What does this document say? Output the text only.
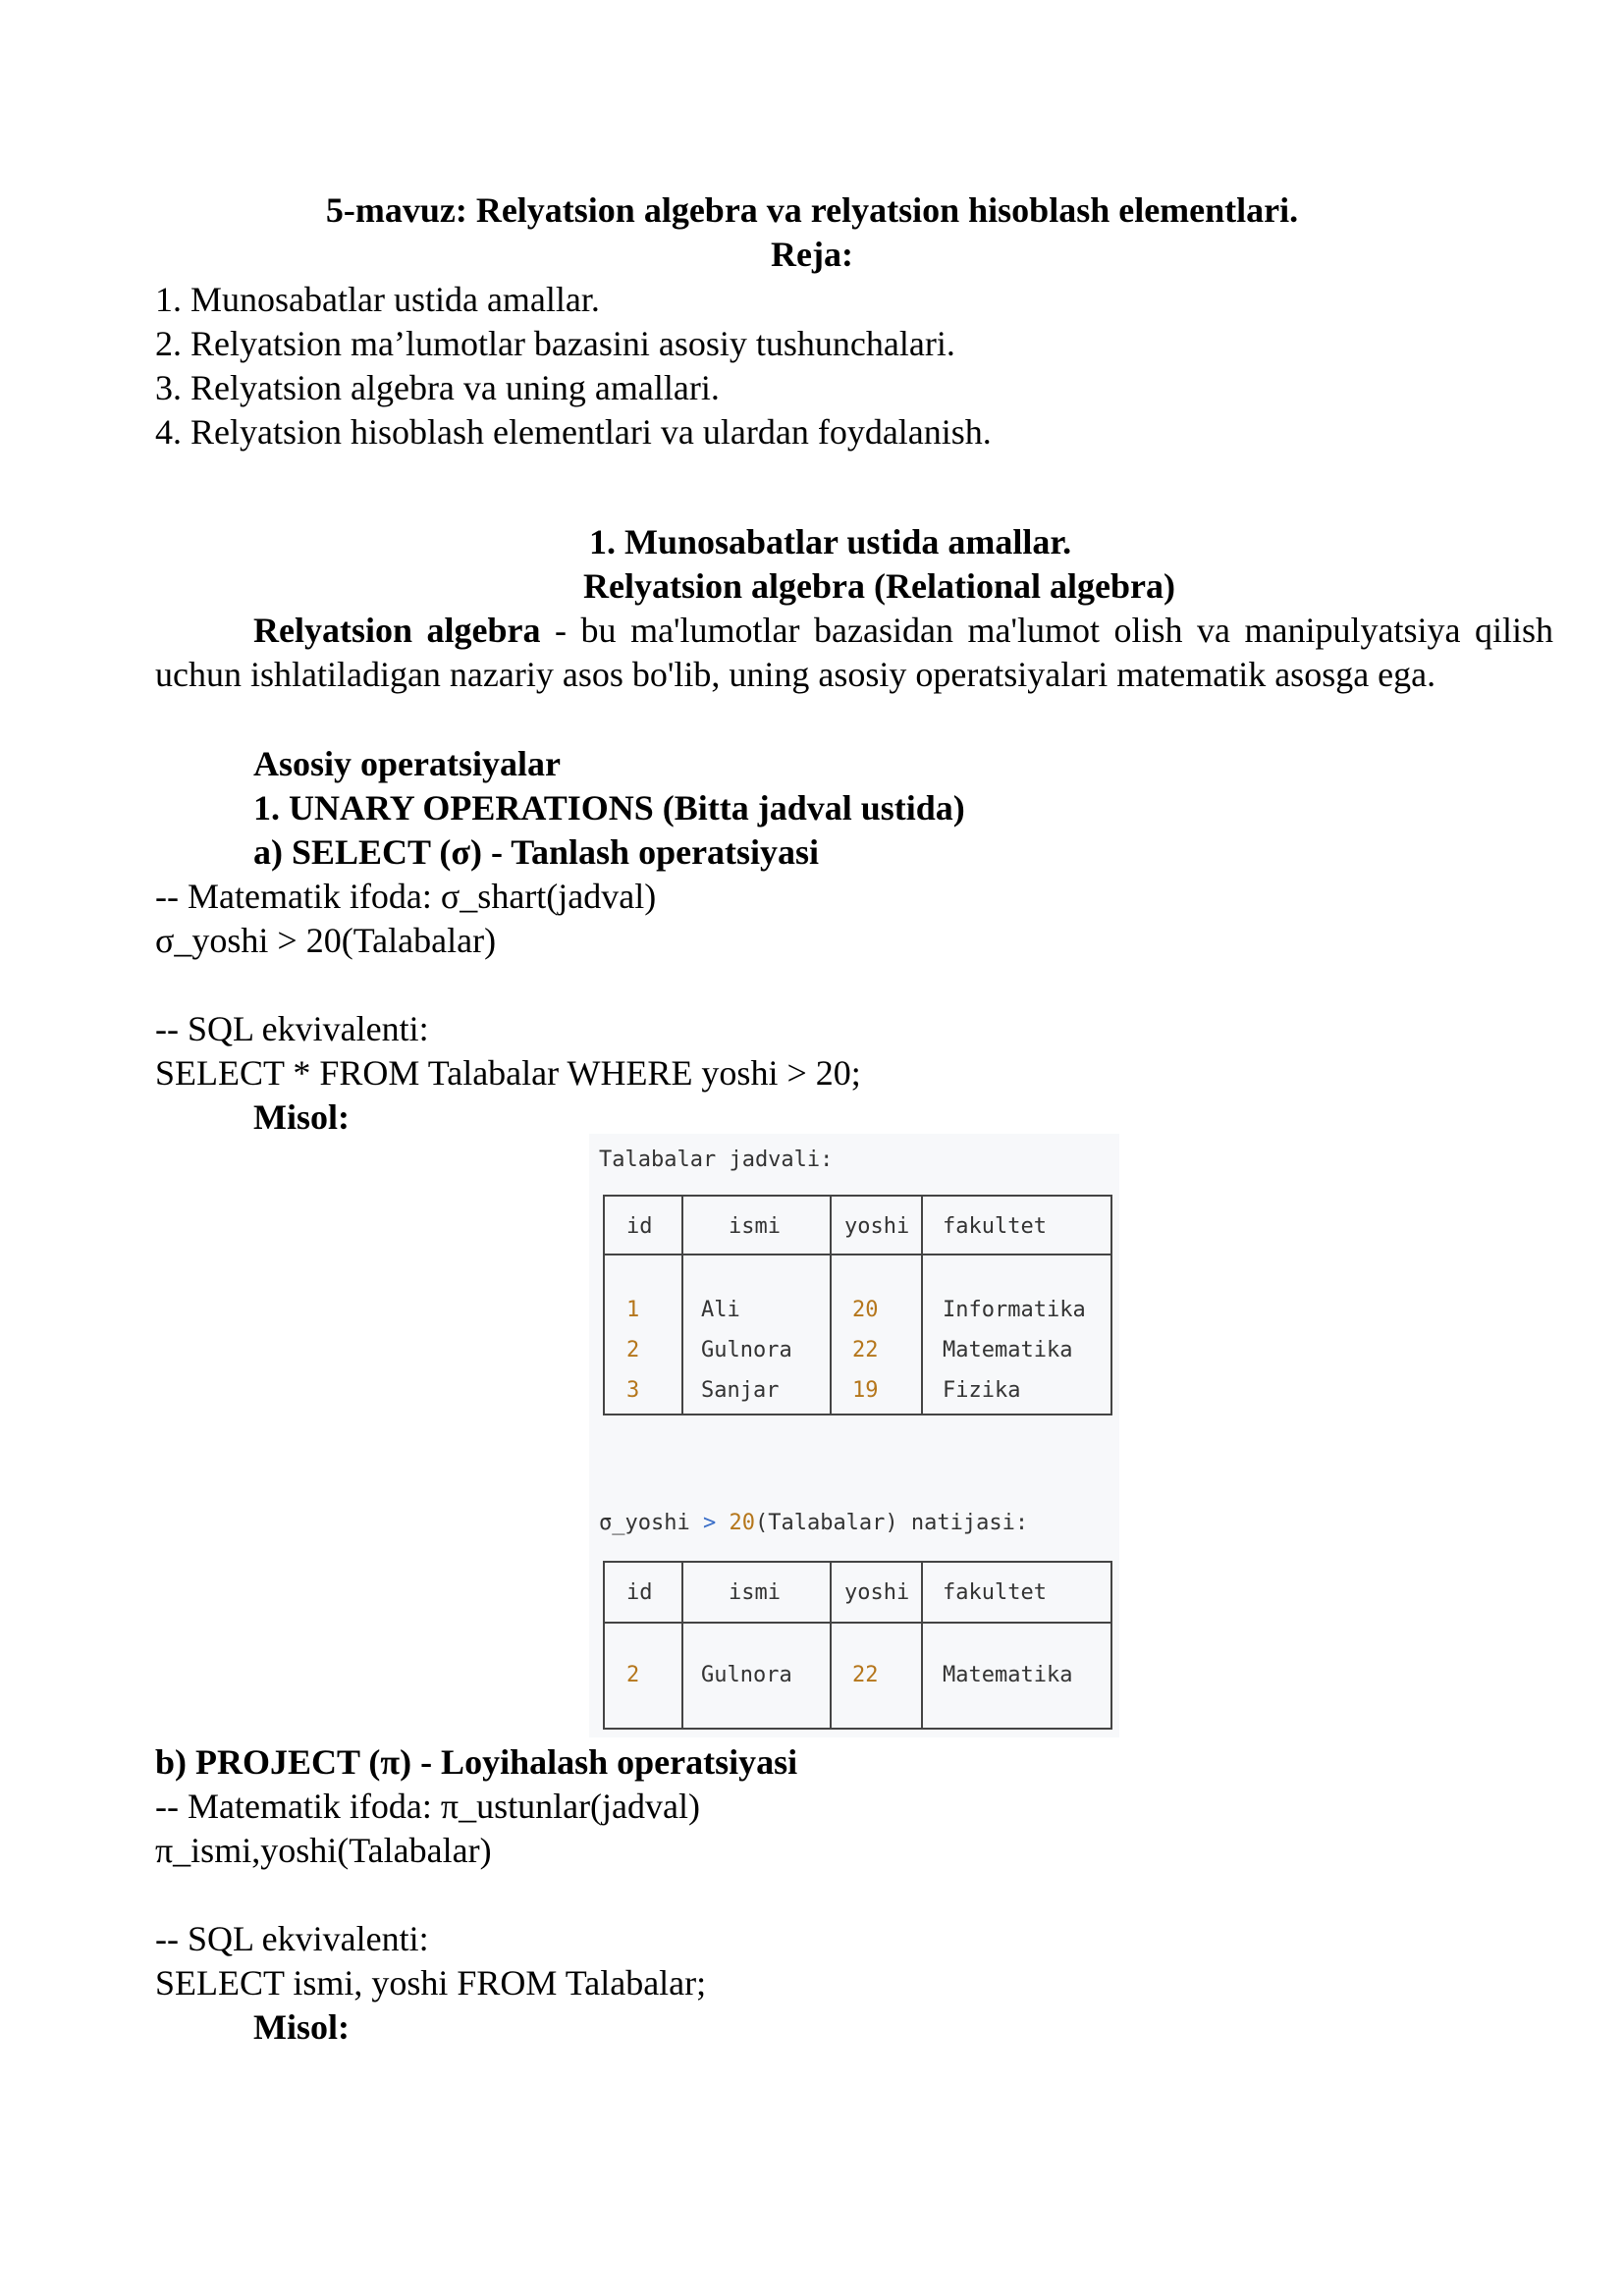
5-mavuz: Relyatsion algebra va relyatsion hisoblash elementlari.
Reja:
1. Munosabatlar ustida amallar.
2. Relyatsion ma’lumotlar bazasini asosiy tushunchalari.
3. Relyatsion algebra va uning amallari.
4. Relyatsion hisoblash elementlari va ulardan foydalanish.
1. Munosabatlar ustida amallar.
Relyatsion algebra (Relational algebra)
Relyatsion algebra - bu ma'lumotlar bazasidan ma'lumot olish va manipulyatsiya qilish uchun ishlatiladigan nazariy asos bo'lib, uning asosiy operatsiyalari matematik asosga ega.
Asosiy operatsiyalar
1. UNARY OPERATIONS (Bitta jadval ustida)
a) SELECT (σ) - Tanlash operatsiyasi
-- Matematik ifoda: σ_shart(jadval)
σ_yoshi > 20(Talabalar)
-- SQL ekvivalenti:
SELECT * FROM Talabalar WHERE yoshi > 20;
Misol:
Talabalar jadvali:
id	ismi	yoshi fakultet
1	Ali	20	Informatika
2	Gulnora	22	Matematika
3	Sanjar	19	Fizika
σ_yoshi > 20(Talabalar) natijasi:
id	ismi	yoshi fakultet
2	Gulnora	22	Matematika
b) PROJECT (π) - Loyihalash operatsiyasi
-- Matematik ifoda: π_ustunlar(jadval)
π_ismi,yoshi(Talabalar)
-- SQL ekvivalenti:
SELECT ismi, yoshi FROM Talabalar;
Misol:
